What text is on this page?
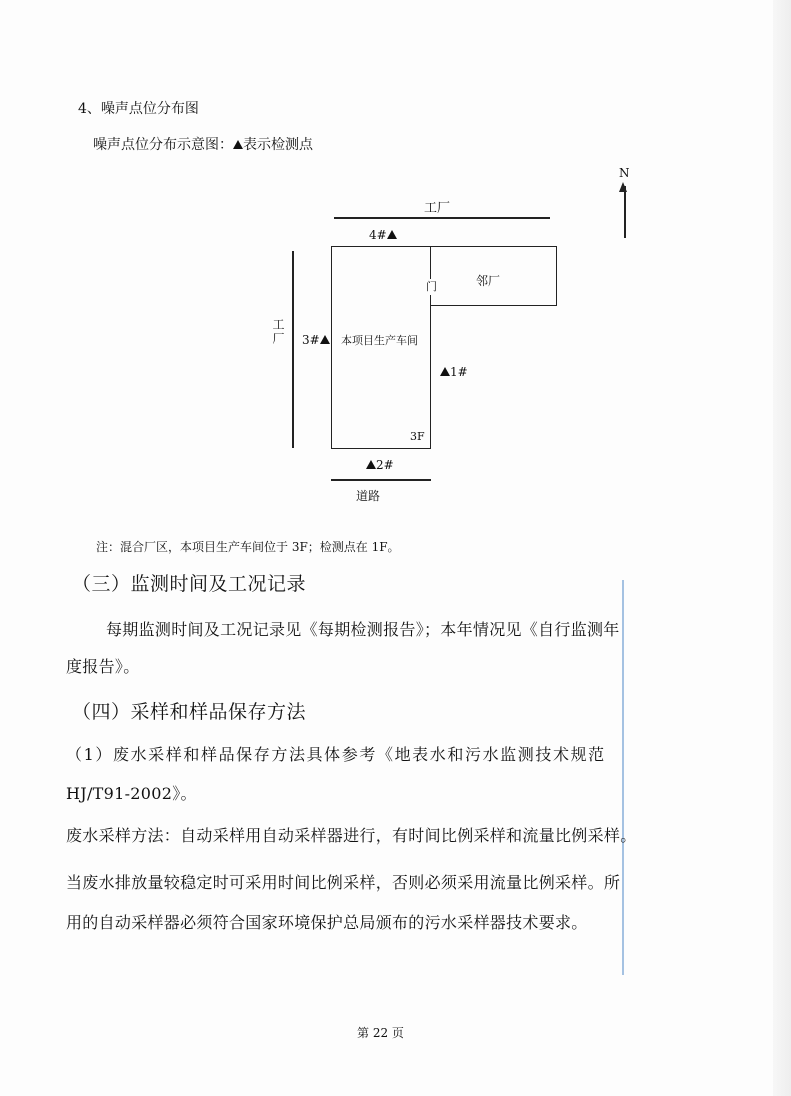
4、噪声点位分布图
噪声点位分布示意图： 表示检测点
N
工厂
4#
工厂	本项目生产车间
3F
门	邻厂
3#
1#
2#
道路
注：混合厂区，本项目生产车间位于 3F；检测点在 1F。
（三）监测时间及工况记录
每期监测时间及工况记录见《每期检测报告》；本年情况见《自行监测年
度报告》。
（四）采样和样品保存方法
（1）废水采样和样品保存方法具体参考《地表水和污水监测技术规范
HJ/T91-2002》。
废水采样方法：自动采样用自动采样器进行，有时间比例采样和流量比例采样。
当废水排放量较稳定时可采用时间比例采样，否则必须采用流量比例采样。所
用的自动采样器必须符合国家环境保护总局颁布的污水采样器技术要求。
第 22 页
